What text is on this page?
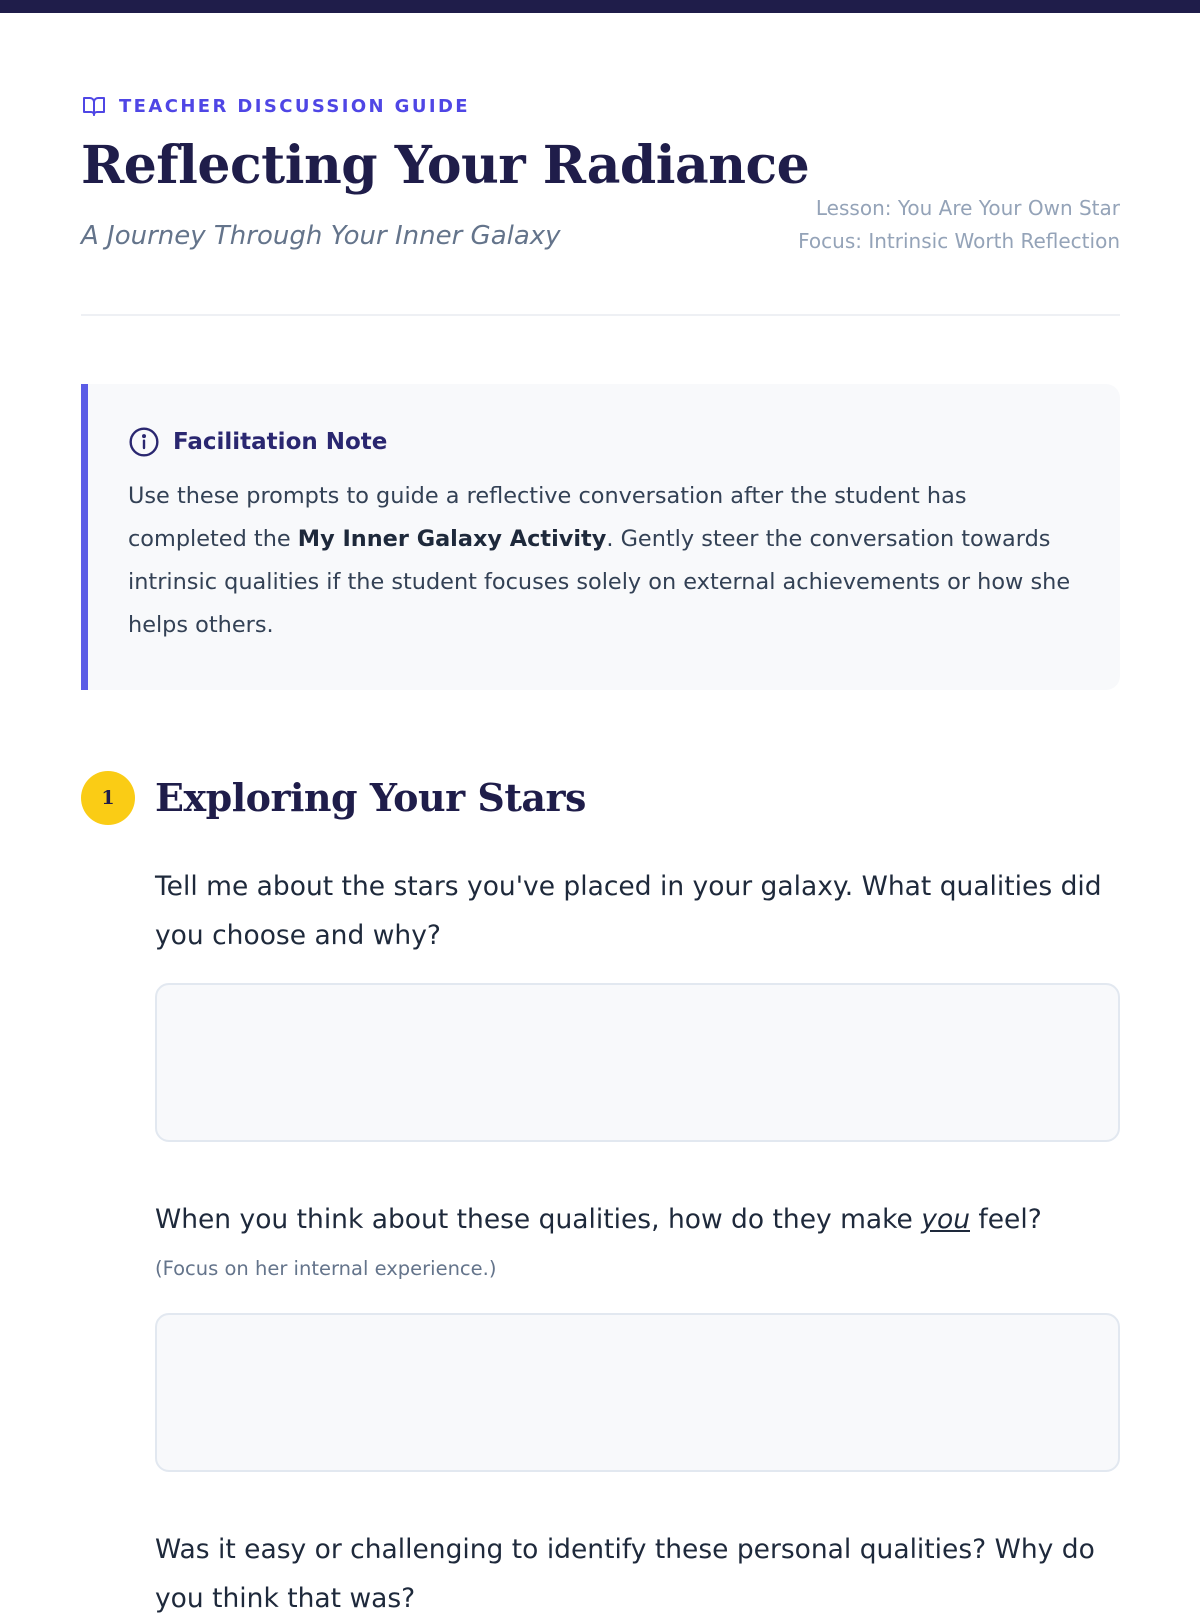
TEACHER DISCUSSION GUIDE
Reflecting Your Radiance
A Journey Through Your Inner Galaxy
Lesson: You Are Your Own Star
Focus: Intrinsic Worth Reflection
Facilitation Note

Use these prompts to guide a reflective conversation after the student has completed the My Inner Galaxy Activity. Gently steer the conversation towards intrinsic qualities if the student focuses solely on external achievements or how she helps others.

1	Exploring Your Stars
Tell me about the stars you've placed in your galaxy. What qualities did you choose and why?
When you think about these qualities, how do they make you feel?
(Focus on her internal experience.)
Was it easy or challenging to identify these personal qualities? Why do you think that was?
